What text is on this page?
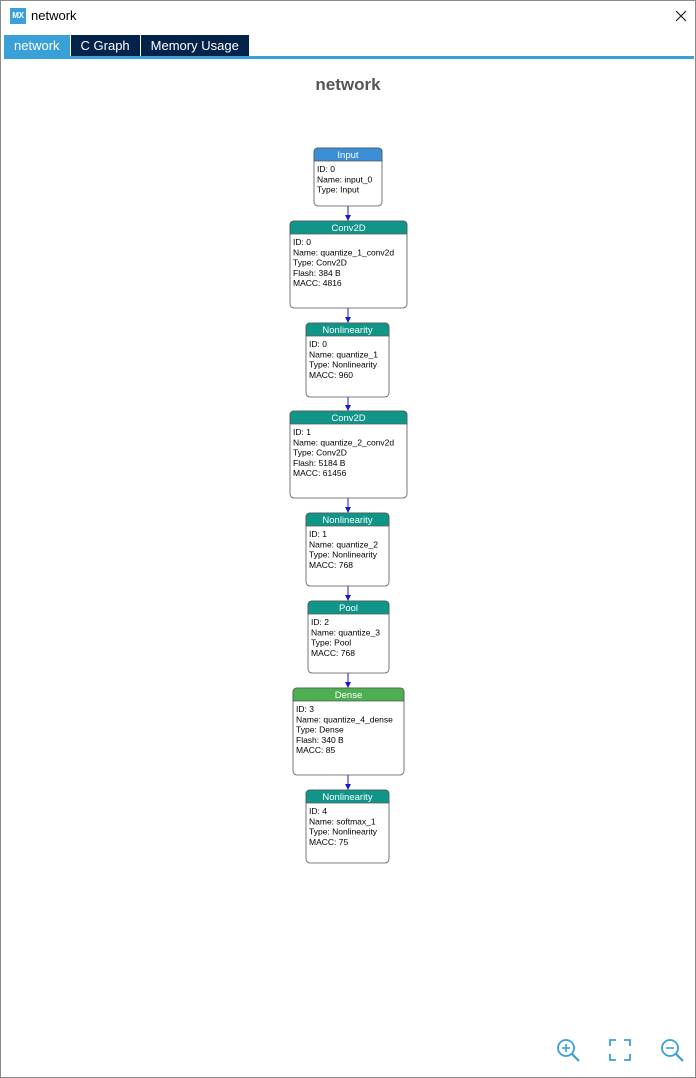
MX network
network	C Graph	Memory Usage
network
Input
ID: 0
Name: input_0
Type: Input
Conv2D
ID: 0
Name: quantize_1_conv2d
Type: Conv2D
Flash: 384 B
MACC: 4816
Nonlinearity
ID: 0
Name: quantize_1
Type: Nonlinearity
MACC: 960
Conv2D
ID: 1
Name: quantize_2_conv2d
Type: Conv2D
Flash: 5184 B
MACC: 61456
Nonlinearity
ID: 1
Name: quantize_2
Type: Nonlinearity
MACC: 768
Pool
ID: 2
Name: quantize_3
Type: Pool
MACC: 768
Dense
ID: 3
Name: quantize_4_dense
Type: Dense
Flash: 340 B
MACC: 85
Nonlinearity
ID: 4
Name: softmax_1
Type: Nonlinearity
MACC: 75
